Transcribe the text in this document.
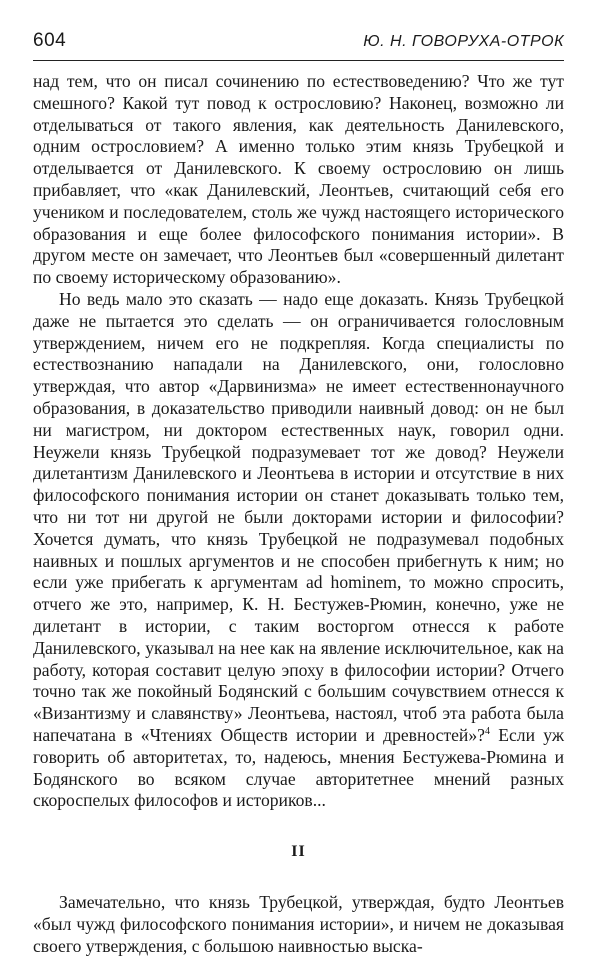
604	Ю. Н. ГОВОРУХА-ОТРОК

над тем, что он писал сочинению по естествоведению? Что же тут смешного? Какой тут повод к острословию? Наконец, возможно ли отделываться от такого явления, как деятельность Данилевского, одним острословием? А именно только этим князь Трубецкой и отделывается от Данилевского. К своему острословию он лишь прибавляет, что «как Данилевский, Леонтьев, считающий себя его учеником и последователем, столь же чужд настоящего исторического образования и еще более философского понимания истории». В другом месте он замечает, что Леонтьев был «совершенный дилетант по своему историческому образованию».

Но ведь мало это сказать — надо еще доказать. Князь Трубецкой даже не пытается это сделать — он ограничивается голословным утверждением, ничем его не подкрепляя. Когда специалисты по естествознанию нападали на Данилевского, они, голословно утверждая, что автор «Дарвинизма» не имеет естественнонаучного образования, в доказательство приводили наивный довод: он не был ни магистром, ни доктором естественных наук, говорил одни. Неужели князь Трубецкой подразумевает тот же довод? Неужели дилетантизм Данилевского и Леонтьева в истории и отсутствие в них философского понимания истории он станет доказывать только тем, что ни тот ни другой не были докторами истории и философии? Хочется думать, что князь Трубецкой не подразумевал подобных наивных и пошлых аргументов и не способен прибегнуть к ним; но если уже прибегать к аргументам ad hominem, то можно спросить, отчего же это, например, К. Н. Бестужев-Рюмин, конечно, уже не дилетант в истории, с таким восторгом отнесся к работе Данилевского, указывал на нее как на явление исключительное, как на работу, которая составит целую эпоху в философии истории? Отчего точно так же покойный Бодянский с большим сочувствием отнесся к «Византизму и славянству» Леонтьева, настоял, чтоб эта работа была напечатана в «Чтениях Обществ истории и древностей»?$^4$ Если уж говорить об авторитетах, то, надеюсь, мнения Бестужева-Рюмина и Бодянского во всяком случае авторитетнее мнений разных скороспелых философов и историков...

II

Замечательно, что князь Трубецкой, утверждая, будто Леонтьев «был чужд философского понимания истории», и ничем не доказывая своего утверждения, с большою наивностью выска-
